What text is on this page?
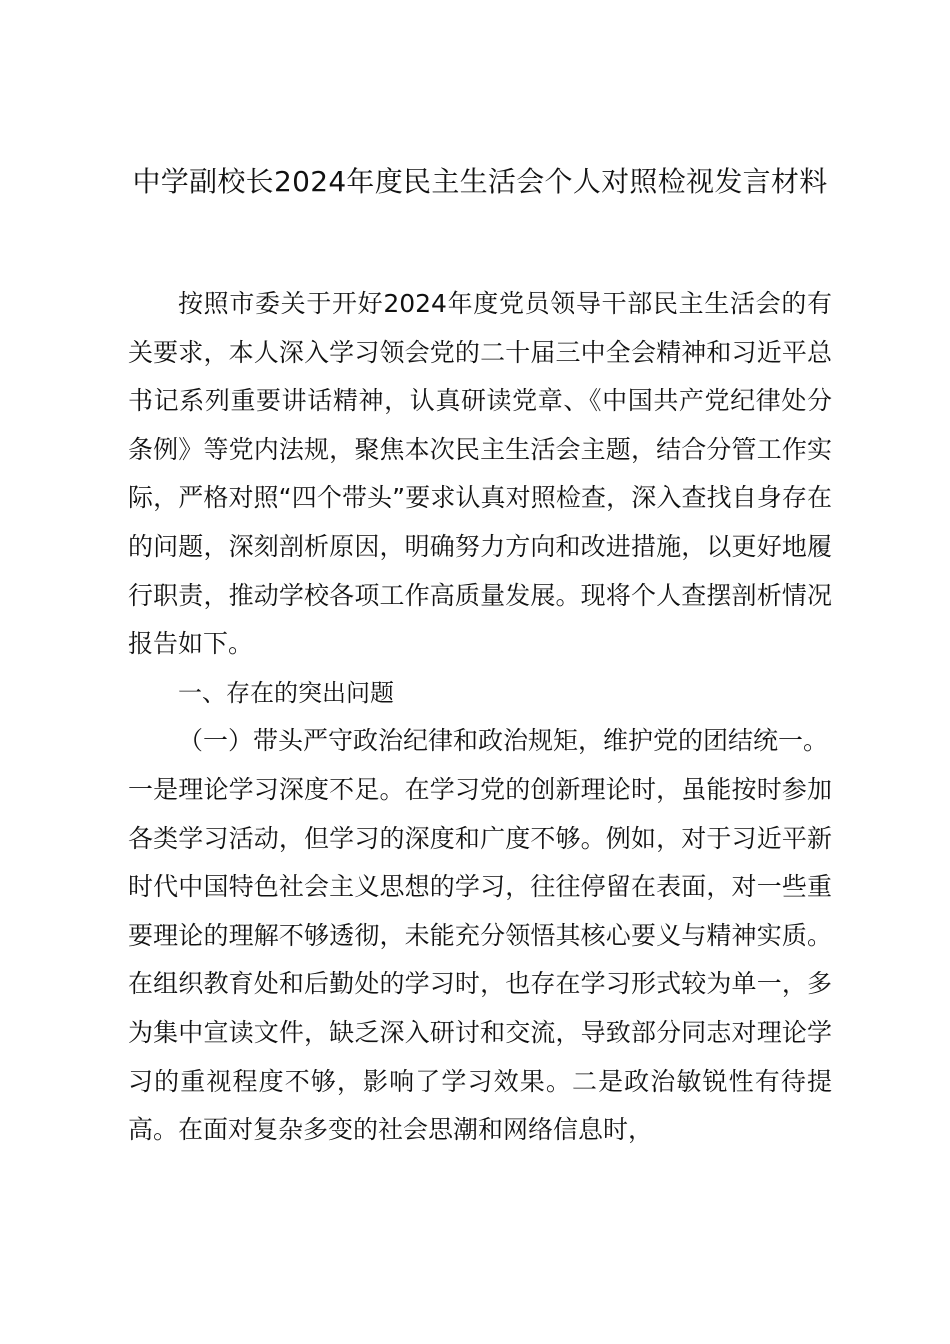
中学副校长2024年度民主生活会个人对照检视发言材料

按照市委关于开好2024年度党员领导干部民主生活会的有关要求，本人深入学习领会党的二十届三中全会精神和习近平总书记系列重要讲话精神，认真研读党章、《中国共产党纪律处分条例》等党内法规，聚焦本次民主生活会主题，结合分管工作实际，严格对照“四个带头”要求认真对照检查，深入查找自身存在的问题，深刻剖析原因，明确努力方向和改进措施，以更好地履行职责，推动学校各项工作高质量发展。现将个人查摆剖析情况报告如下。

一、存在的突出问题

（一）带头严守政治纪律和政治规矩，维护党的团结统一。

一是理论学习深度不足。在学习党的创新理论时，虽能按时参加各类学习活动，但学习的深度和广度不够。例如，对于习近平新时代中国特色社会主义思想的学习，往往停留在表面，对一些重要理论的理解不够透彻，未能充分领悟其核心要义与精神实质。在组织教育处和后勤处的学习时，也存在学习形式较为单一，多为集中宣读文件，缺乏深入研讨和交流，导致部分同志对理论学习的重视程度不够，影响了学习效果。二是政治敏锐性有待提高。在面对复杂多变的社会思潮和网络信息时，
